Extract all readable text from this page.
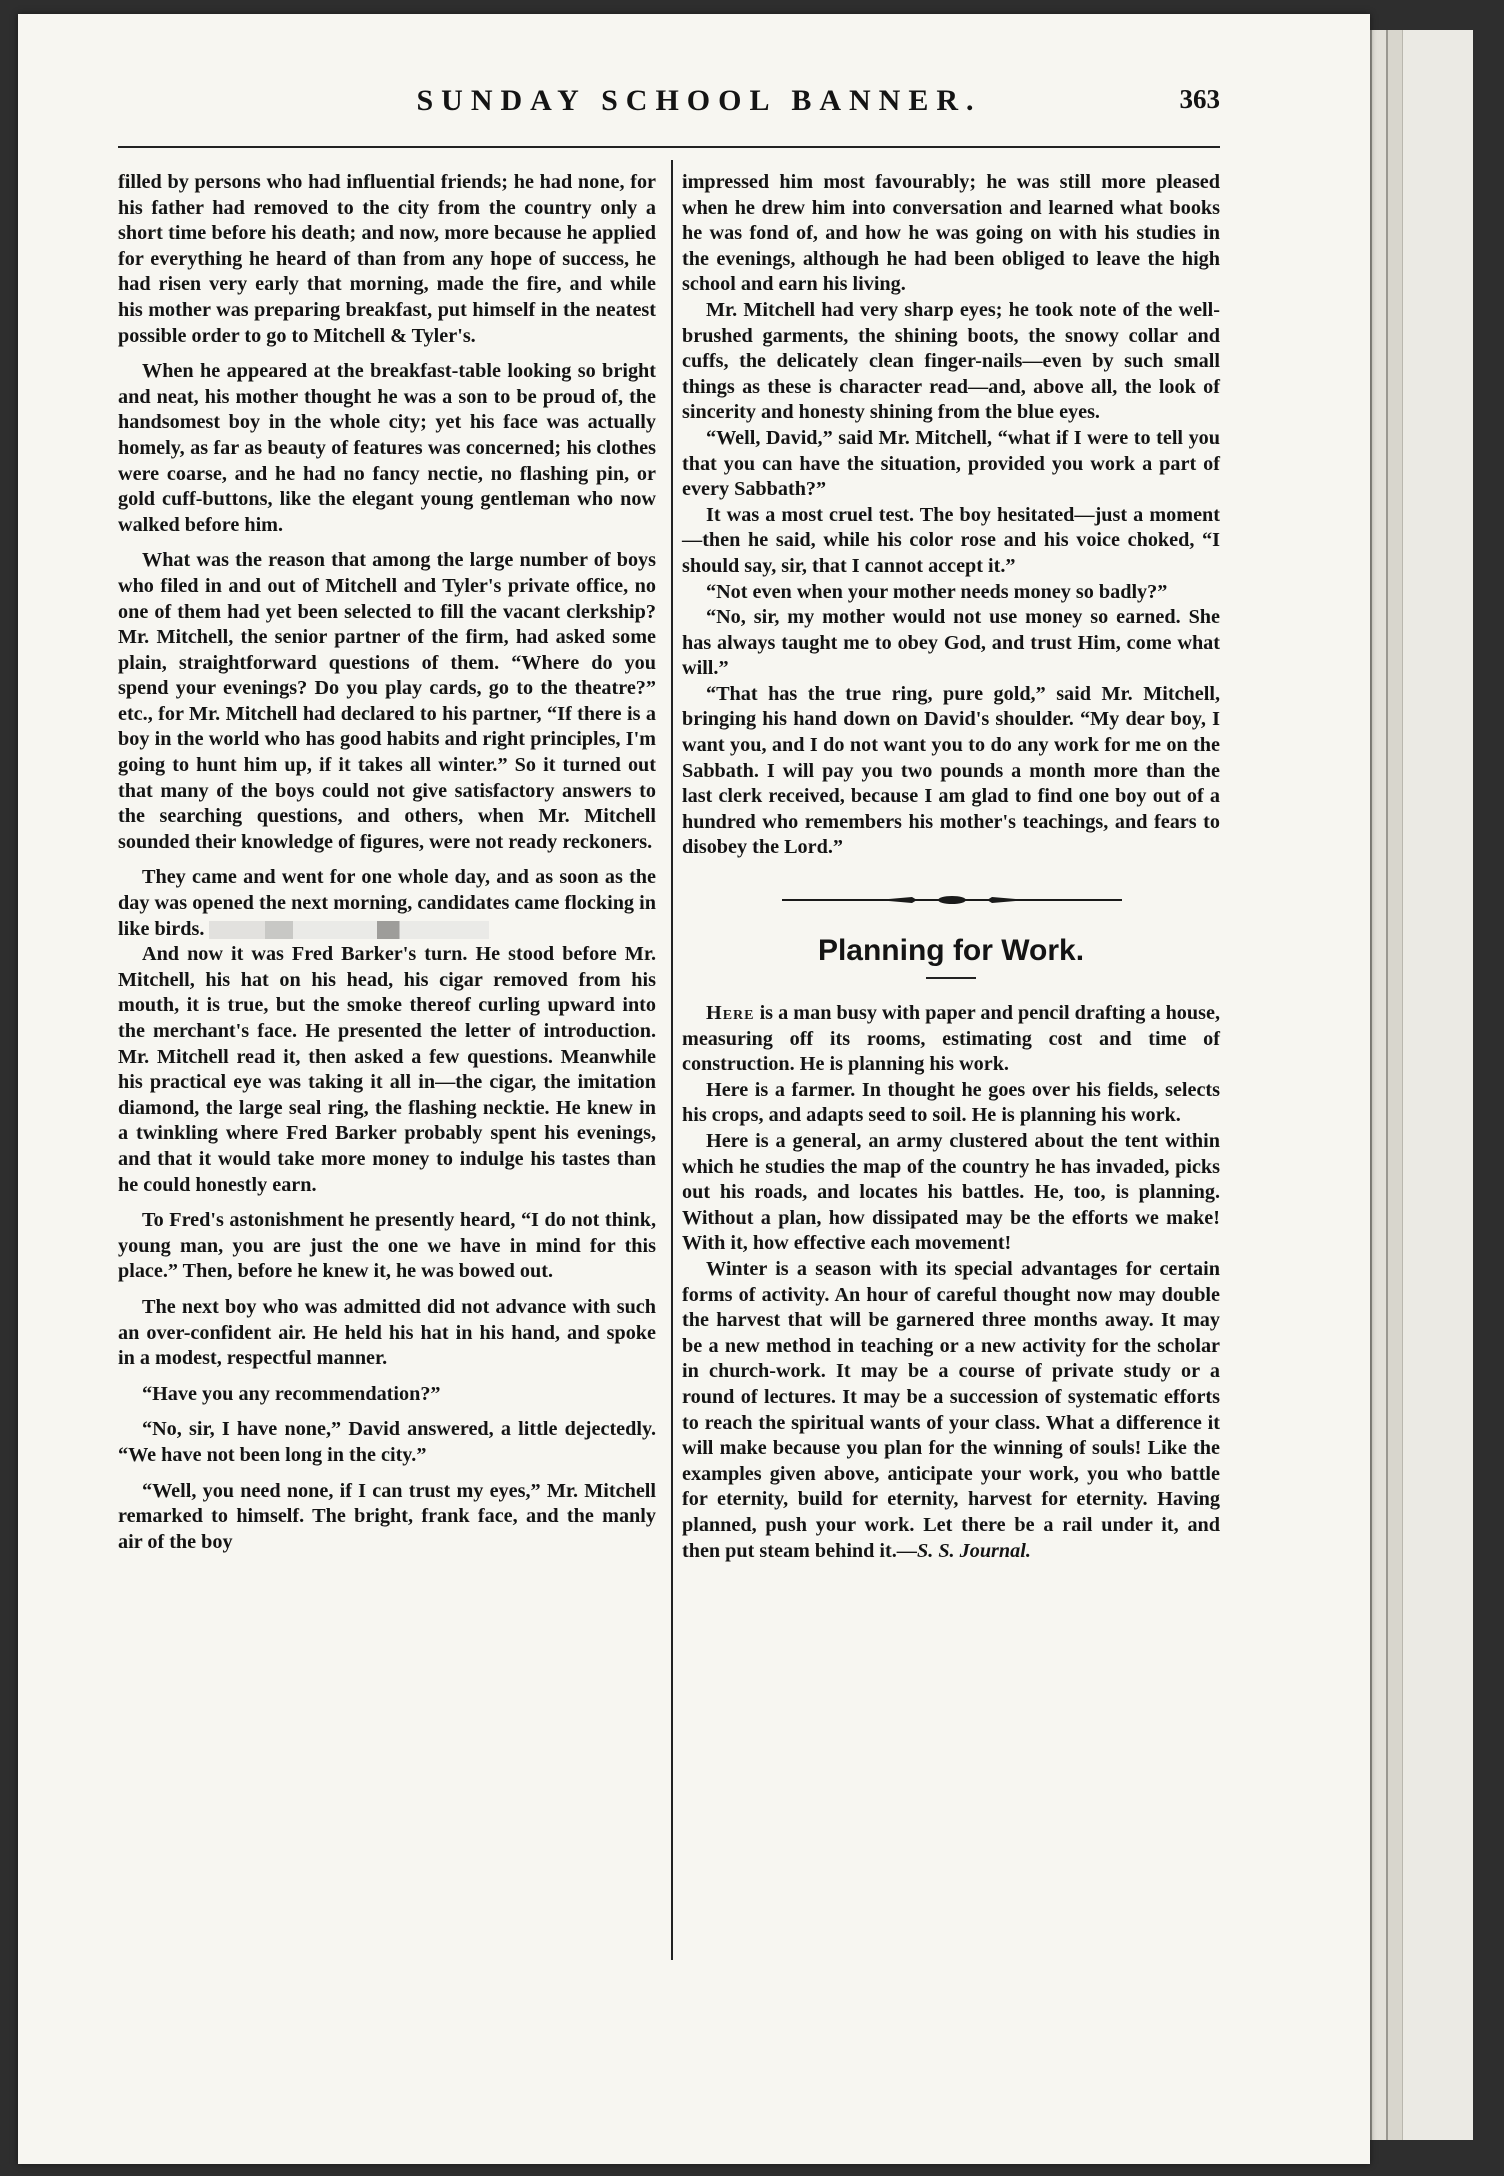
SUNDAY SCHOOL BANNER.	363

filled by persons who had influential friends; he had none, for his father had removed to the city from the country only a short time before his death; and now, more because he applied for everything he heard of than from any hope of success, he had risen very early that morning, made the fire, and while his mother was preparing breakfast, put himself in the neatest possible order to go to Mitchell & Tyler's.

When he appeared at the breakfast-table looking so bright and neat, his mother thought he was a son to be proud of, the handsomest boy in the whole city; yet his face was actually homely, as far as beauty of features was concerned; his clothes were coarse, and he had no fancy nectie, no flashing pin, or gold cuff-buttons, like the elegant young gentleman who now walked before him.

What was the reason that among the large number of boys who filed in and out of Mitchell and Tyler's private office, no one of them had yet been selected to fill the vacant clerkship? Mr. Mitchell, the senior partner of the firm, had asked some plain, straightforward questions of them. “Where do you spend your evenings? Do you play cards, go to the theatre?” etc., for Mr. Mitchell had declared to his partner, “If there is a boy in the world who has good habits and right principles, I'm going to hunt him up, if it takes all winter.” So it turned out that many of the boys could not give satisfactory answers to the searching questions, and others, when Mr. Mitchell sounded their knowledge of figures, were not ready reckoners.

They came and went for one whole day, and as soon as the day was opened the next morning, candidates came flocking in like birds.

And now it was Fred Barker's turn. He stood before Mr. Mitchell, his hat on his head, his cigar removed from his mouth, it is true, but the smoke thereof curling upward into the merchant's face. He presented the letter of introduction. Mr. Mitchell read it, then asked a few questions. Meanwhile his practical eye was taking it all in—the cigar, the imitation diamond, the large seal ring, the flashing necktie. He knew in a twinkling where Fred Barker probably spent his evenings, and that it would take more money to indulge his tastes than he could honestly earn.

To Fred's astonishment he presently heard, “I do not think, young man, you are just the one we have in mind for this place.” Then, before he knew it, he was bowed out.

The next boy who was admitted did not advance with such an over-confident air. He held his hat in his hand, and spoke in a modest, respectful manner.

“Have you any recommendation?”

“No, sir, I have none,” David answered, a little dejectedly. “We have not been long in the city.”

“Well, you need none, if I can trust my eyes,” Mr. Mitchell remarked to himself. The bright, frank face, and the manly air of the boy

impressed him most favourably; he was still more pleased when he drew him into conversation and learned what books he was fond of, and how he was going on with his studies in the evenings, although he had been obliged to leave the high school and earn his living.

Mr. Mitchell had very sharp eyes; he took note of the well-brushed garments, the shining boots, the snowy collar and cuffs, the delicately clean finger-nails—even by such small things as these is character read—and, above all, the look of sincerity and honesty shining from the blue eyes.

“Well, David,” said Mr. Mitchell, “what if I were to tell you that you can have the situation, provided you work a part of every Sabbath?”

It was a most cruel test. The boy hesitated—just a moment—then he said, while his color rose and his voice choked, “I should say, sir, that I cannot accept it.”

“Not even when your mother needs money so badly?”

“No, sir, my mother would not use money so earned. She has always taught me to obey God, and trust Him, come what will.”

“That has the true ring, pure gold,” said Mr. Mitchell, bringing his hand down on David's shoulder. “My dear boy, I want you, and I do not want you to do any work for me on the Sabbath. I will pay you two pounds a month more than the last clerk received, because I am glad to find one boy out of a hundred who remembers his mother's teachings, and fears to disobey the Lord.”

Planning for Work.

Here is a man busy with paper and pencil drafting a house, measuring off its rooms, estimating cost and time of construction. He is planning his work.

Here is a farmer. In thought he goes over his fields, selects his crops, and adapts seed to soil. He is planning his work.

Here is a general, an army clustered about the tent within which he studies the map of the country he has invaded, picks out his roads, and locates his battles. He, too, is planning. Without a plan, how dissipated may be the efforts we make! With it, how effective each movement!

Winter is a season with its special advantages for certain forms of activity. An hour of careful thought now may double the harvest that will be garnered three months away. It may be a new method in teaching or a new activity for the scholar in church-work. It may be a course of private study or a round of lectures. It may be a succession of systematic efforts to reach the spiritual wants of your class. What a difference it will make because you plan for the winning of souls! Like the examples given above, anticipate your work, you who battle for eternity, build for eternity, harvest for eternity. Having planned, push your work. Let there be a rail under it, and then put steam behind it.—S. S. Journal.
